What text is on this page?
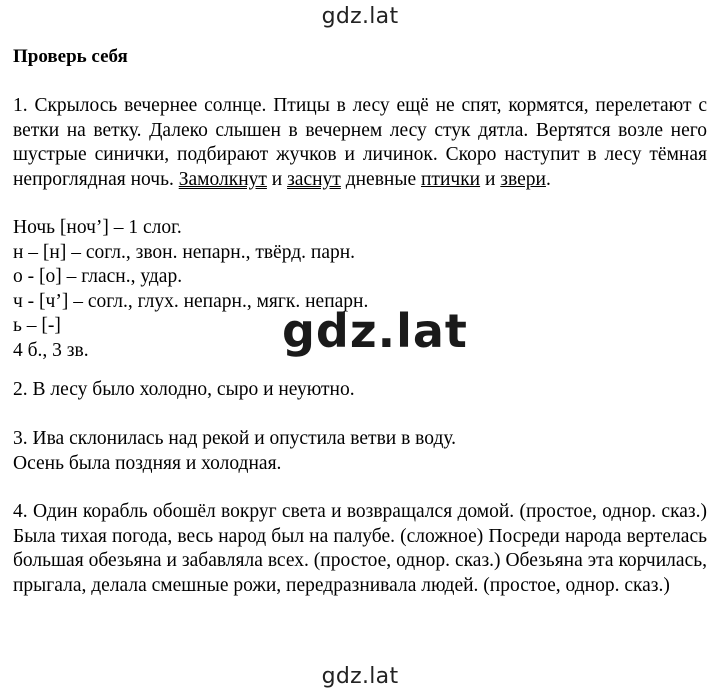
gdz.lat
Проверь себя
1. Скрылось вечернее солнце. Птицы в лесу ещё не спят, кормятся, перелетают с ветки на ветку. Далеко слышен в вечернем лесу стук дятла. Вертятся возле него шустрые синички, подбирают жучков и личинок. Скоро наступит в лесу тёмная непроглядная ночь. Замолкнут и заснут дневные птички и звери.
Ночь [ноч’] – 1 слог.
н – [н] – согл., звон. непарн., твёрд. парн.
о - [о] – гласн., удар.
ч - [ч’] – согл., глух. непарн., мягк. непарн.
ь – [-]
4 б., 3 зв.	gdz.lat
2. В лесу было холодно, сыро и неуютно.
3. Ива склонилась над рекой и опустила ветви в воду.
Осень была поздняя и холодная.
4. Один корабль обошёл вокруг света и возвращался домой. (простое, однор. сказ.) Была тихая погода, весь народ был на палубе. (сложное) Посреди народа вертелась большая обезьяна и забавляла всех. (простое, однор. сказ.) Обезьяна эта корчилась, прыгала, делала смешные рожи, передразнивала людей. (простое, однор. сказ.)
gdz.lat
